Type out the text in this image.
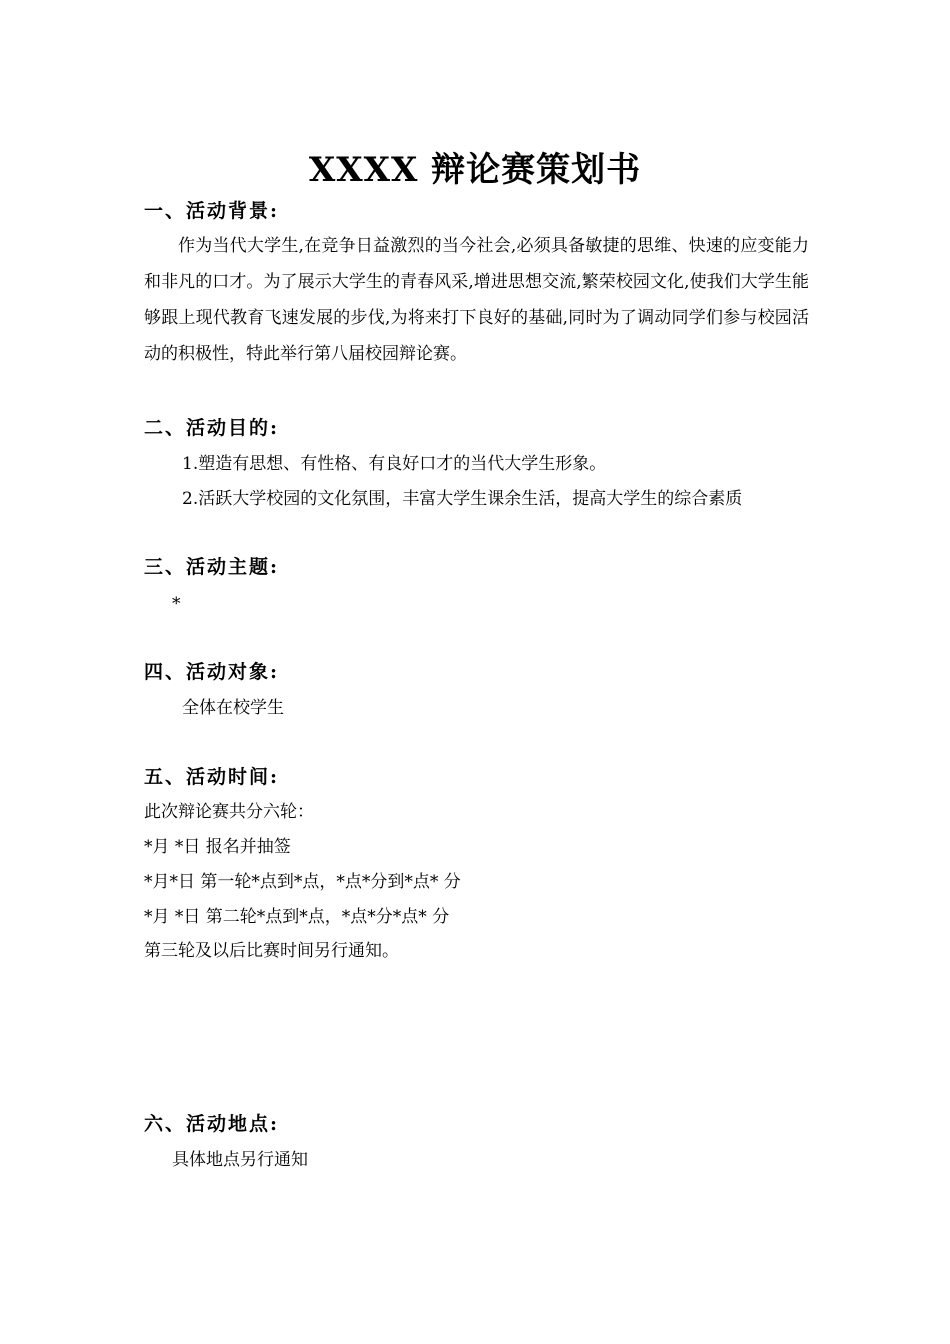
XXXX 辩论赛策划书
一、活动背景:
作为当代大学生,在竞争日益激烈的当今社会,必须具备敏捷的思维、快速的应变能力和非凡的口才。为了展示大学生的青春风采,增进思想交流,繁荣校园文化,使我们大学生能够跟上现代教育飞速发展的步伐,为将来打下良好的基础,同时为了调动同学们参与校园活动的积极性，特此举行第八届校园辩论赛。
二、活动目的:
1.塑造有思想、有性格、有良好口才的当代大学生形象。
2.活跃大学校园的文化氛围，丰富大学生课余生活，提高大学生的综合素质
三、活动主题:
*
四、活动对象:
全体在校学生
五、活动时间:
此次辩论赛共分六轮：
*月 *日 报名并抽签
*月*日 第一轮*点到*点，*点*分到*点* 分
*月 *日 第二轮*点到*点，*点*分*点* 分
第三轮及以后比赛时间另行通知。
六、活动地点:
具体地点另行通知
